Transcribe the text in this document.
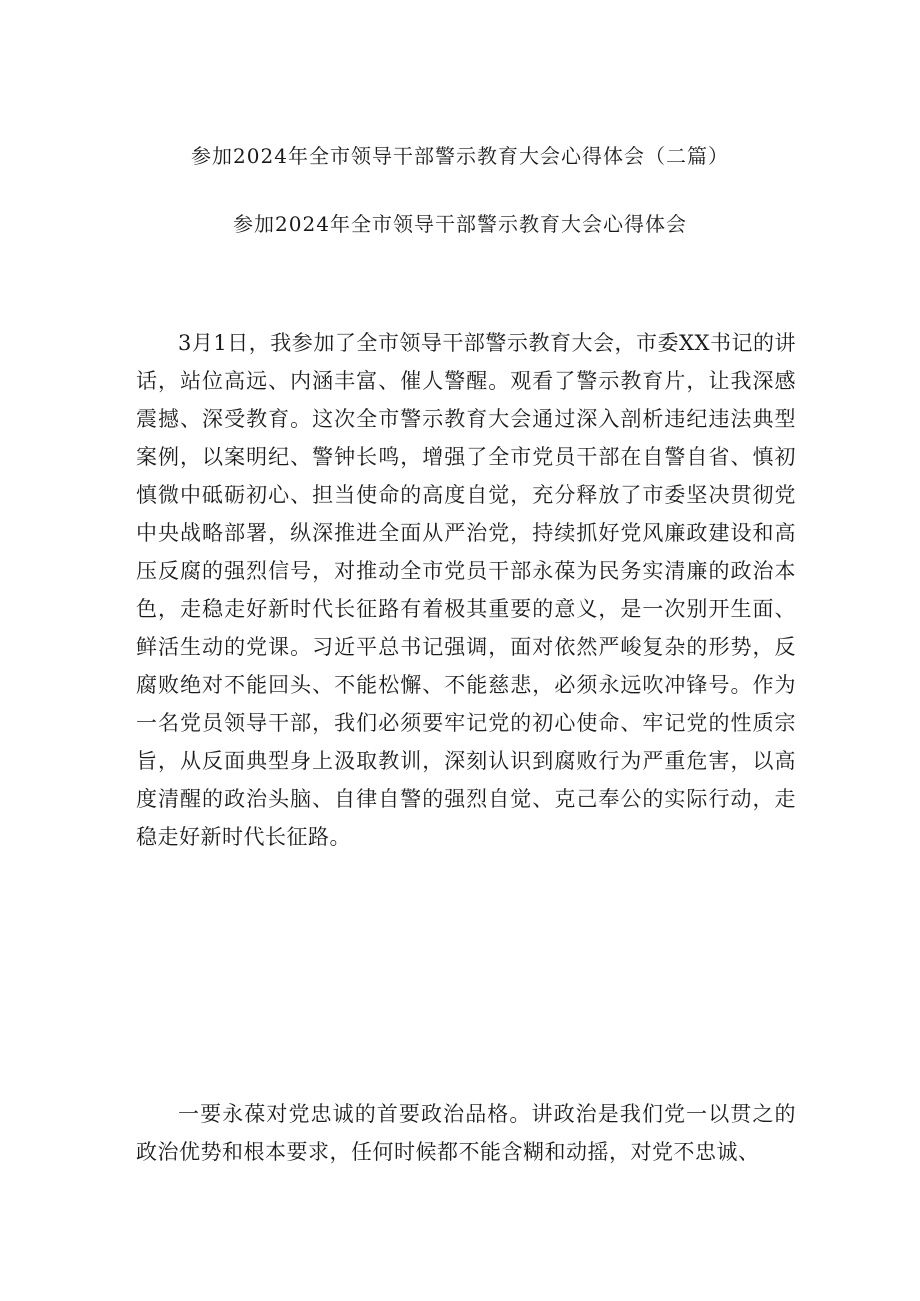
参加2024年全市领导干部警示教育大会心得体会（二篇）
参加2024年全市领导干部警示教育大会心得体会

3月1日，我参加了全市领导干部警示教育大会，市委XX书记的讲话，站位高远、内涵丰富、催人警醒。观看了警示教育片，让我深感震撼、深受教育。这次全市警示教育大会通过深入剖析违纪违法典型案例，以案明纪、警钟长鸣，增强了全市党员干部在自警自省、慎初慎微中砥砺初心、担当使命的高度自觉，充分释放了市委坚决贯彻党中央战略部署，纵深推进全面从严治党，持续抓好党风廉政建设和高压反腐的强烈信号，对推动全市党员干部永葆为民务实清廉的政治本色，走稳走好新时代长征路有着极其重要的意义，是一次别开生面、鲜活生动的党课。习近平总书记强调，面对依然严峻复杂的形势，反腐败绝对不能回头、不能松懈、不能慈悲，必须永远吹冲锋号。作为一名党员领导干部，我们必须要牢记党的初心使命、牢记党的性质宗旨，从反面典型身上汲取教训，深刻认识到腐败行为严重危害，以高度清醒的政治头脑、自律自警的强烈自觉、克己奉公的实际行动，走稳走好新时代长征路。

一要永葆对党忠诚的首要政治品格。讲政治是我们党一以贯之的政治优势和根本要求，任何时候都不能含糊和动摇，对党不忠诚、
